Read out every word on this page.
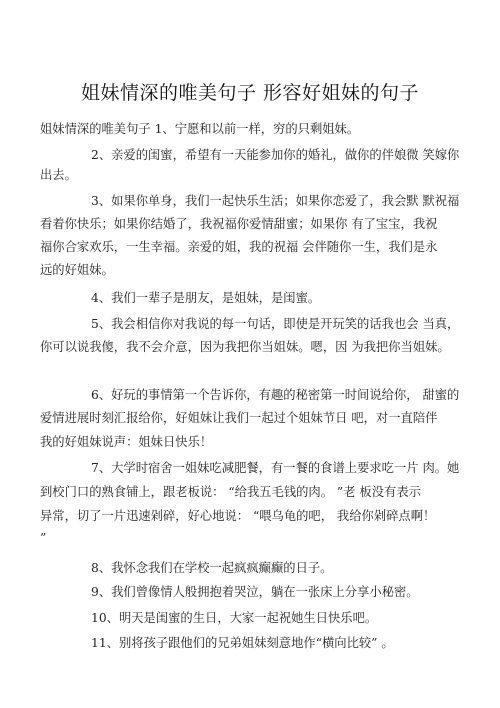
姐妹情深的唯美句子 形容好姐妹的句子
姐妹情深的唯美句子 1、宁愿和以前一样，穷的只剩姐妹。
2、亲爱的闺蜜，希望有一天能参加你的婚礼，做你的伴娘微 笑嫁你
出去。
3、如果你单身，我们一起快乐生活；如果你恋爱了，我会默 默祝福
看着你快乐；如果你结婚了，我祝福你爱情甜蜜；如果你 有了宝宝，我祝
福你合家欢乐，一生幸福。亲爱的姐，我的祝福 会伴随你一生，我们是永
远的好姐妹。
4、我们一辈子是朋友，是姐妹，是闺蜜。
5、我会相信你对我说的每一句话，即使是开玩笑的话我也会 当真，
你可以说我傻，我不会介意，因为我把你当姐妹。嗯，因 为我把你当姐妹。
6、好玩的事情第一个告诉你，有趣的秘密第一时间说给你， 甜蜜的
爱情进展时刻汇报给你，好姐妹让我们一起过个姐妹节日 吧，对一直陪伴
我的好姐妹说声：姐妹日快乐！
7、大学时宿舍一姐妹吃减肥餐，有一餐的食谱上要求吃一片 肉。她
到校门口的熟食铺上，跟老板说： “给我五毛钱的肉。 ”老 板没有表示
异常，切了一片迅速剁碎，好心地说： “喂乌龟的吧， 我给你剁碎点啊！
”
8、我怀念我们在学校一起疯疯癫癫的日子。
9、我们曾像情人般拥抱着哭泣，躺在一张床上分享小秘密。
10、明天是闺蜜的生日，大家一起祝她生日快乐吧。
11、别将孩子跟他们的兄弟姐妹刻意地作“横向比较” 。
